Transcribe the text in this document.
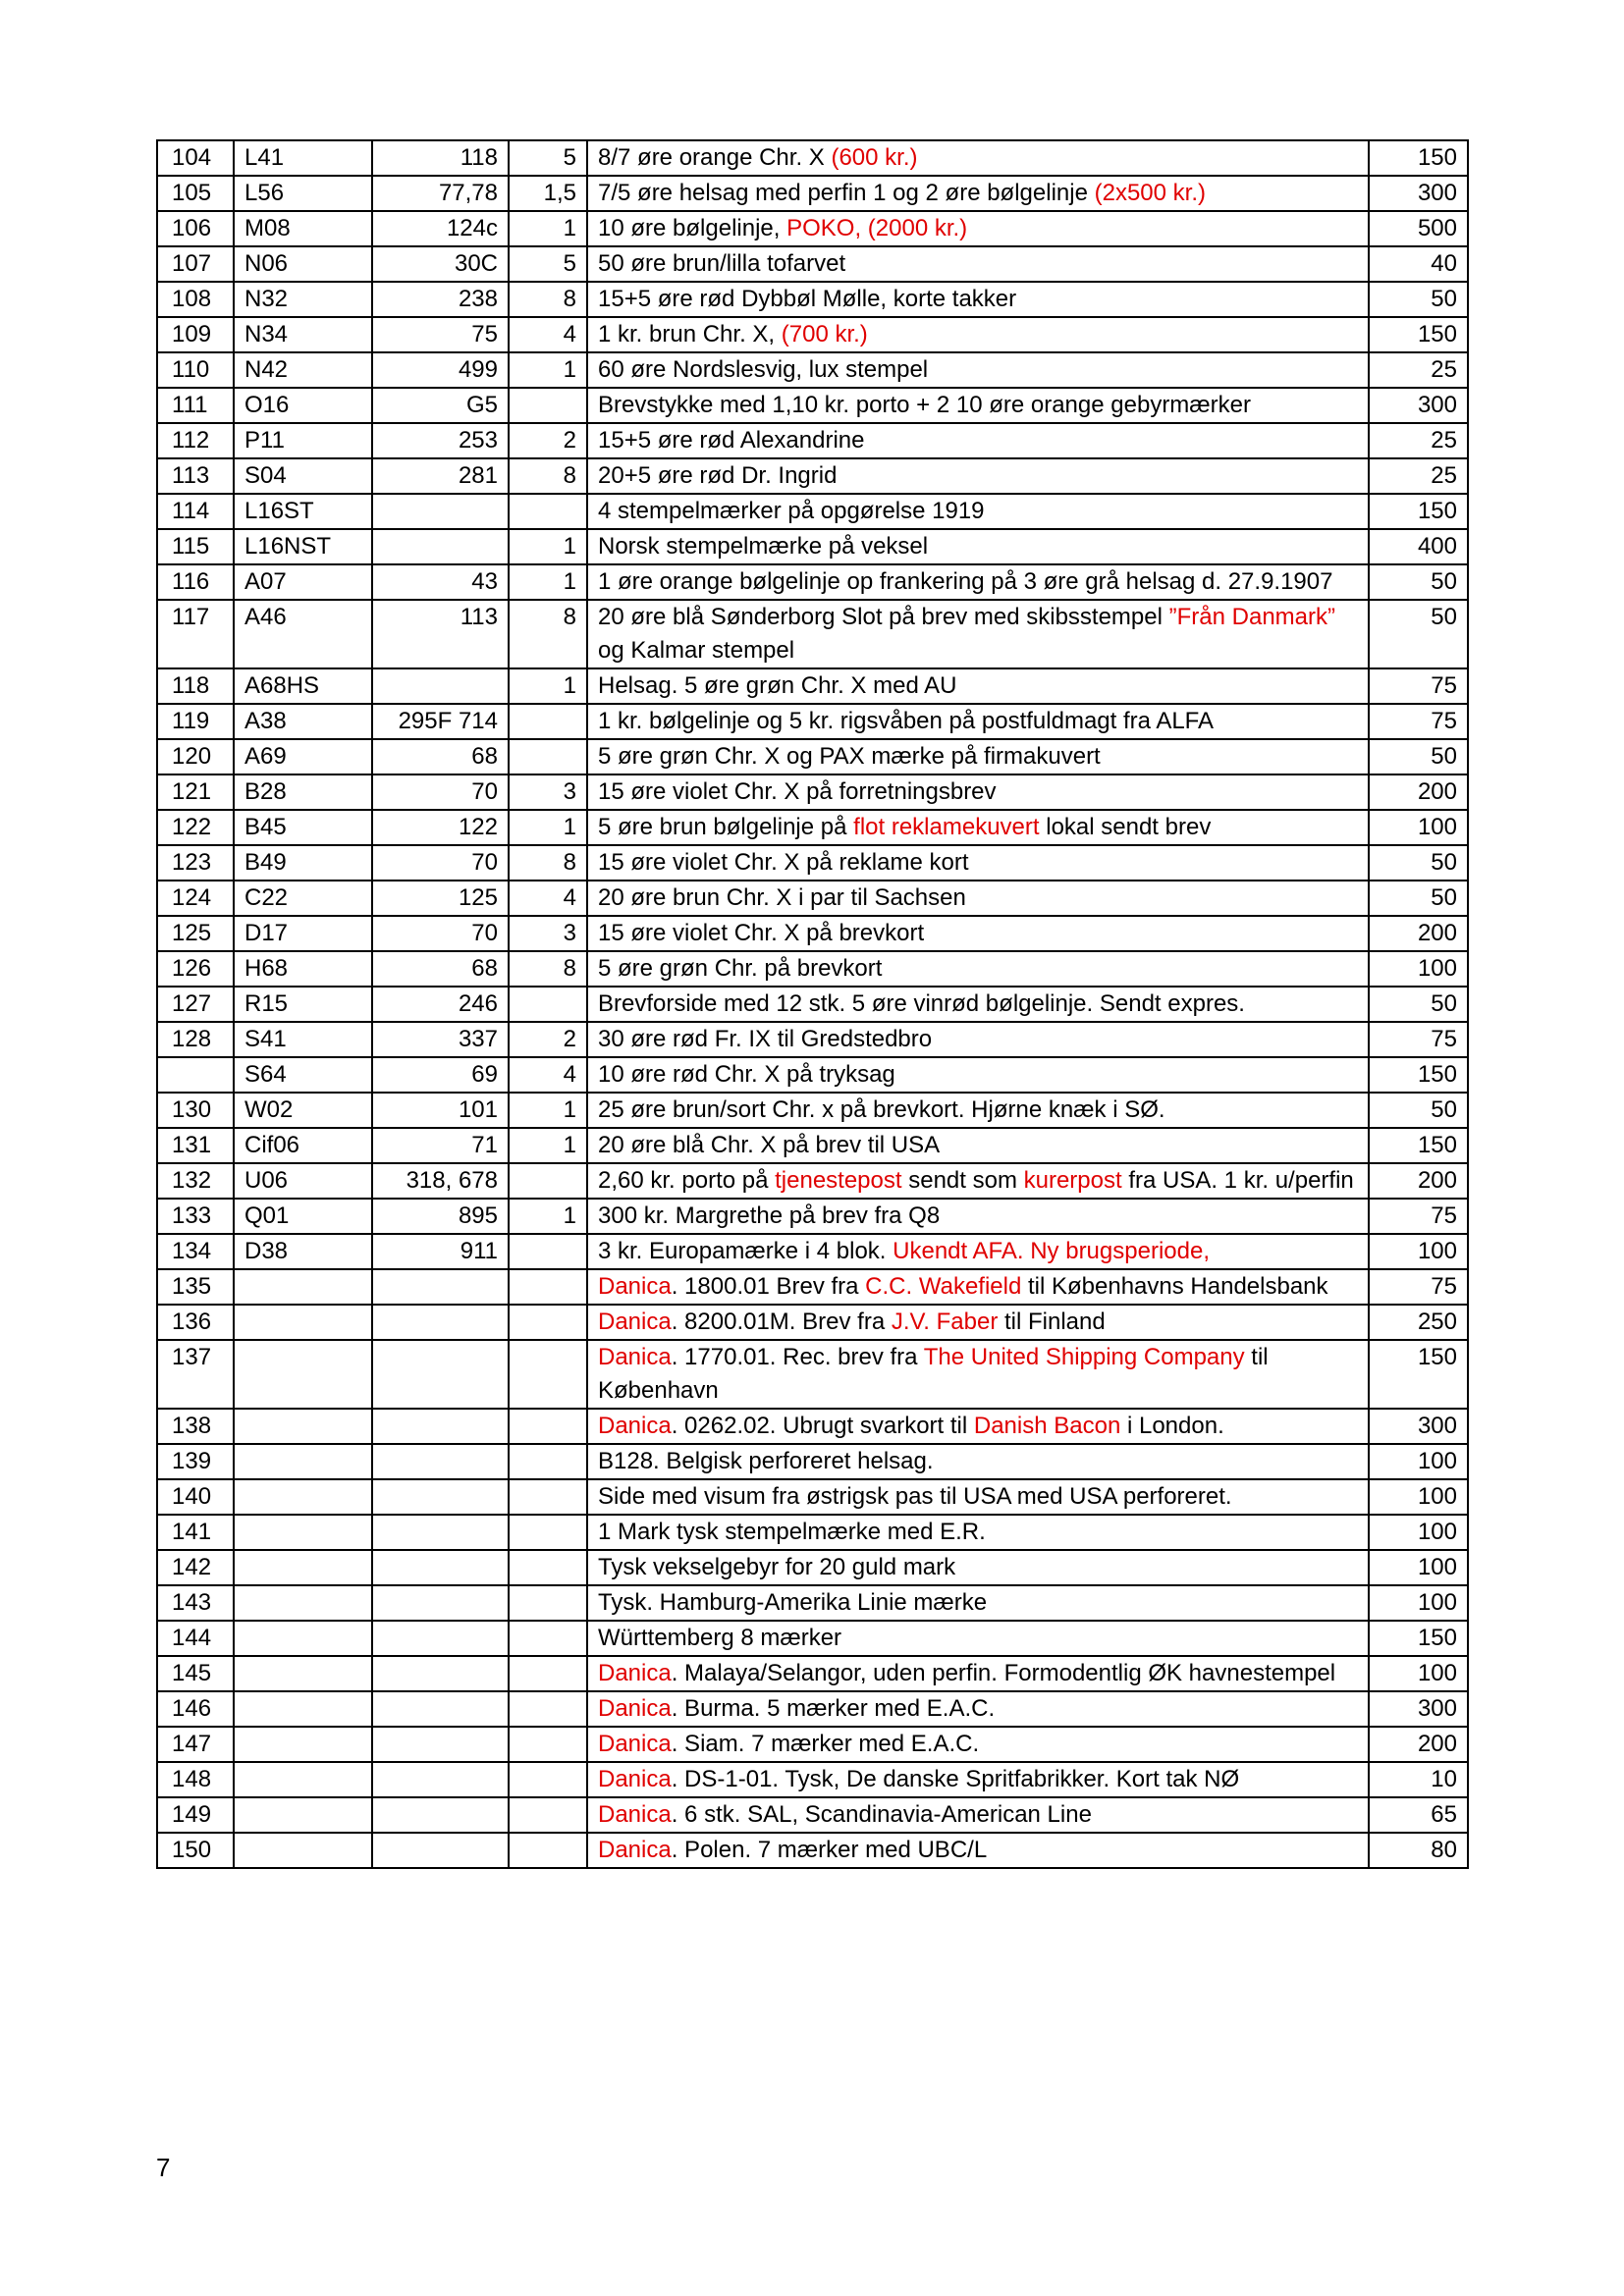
104	L41	118	5	8/7 øre orange Chr. X (600 kr.)	150
105	L56	77,78	1,5	7/5 øre helsag med perfin 1 og 2 øre bølgelinje (2x500 kr.)	300
106	M08	124c	1	10 øre bølgelinje, POKO, (2000 kr.)	500
107	N06	30C	5	50 øre brun/lilla tofarvet	40
108	N32	238	8	15+5 øre rød Dybbøl Mølle, korte takker	50
109	N34	75	4	1 kr. brun Chr. X, (700 kr.)	150
110	N42	499	1	60 øre Nordslesvig, lux stempel	25
111	O16	G5		Brevstykke med 1,10 kr. porto + 2 10 øre orange gebyrmærker	300
112	P11	253	2	15+5 øre rød Alexandrine	25
113	S04	281	8	20+5 øre rød Dr. Ingrid	25
114	L16ST			4 stempelmærker på opgørelse 1919	150
115	L16NST		1	Norsk stempelmærke på veksel	400
116	A07	43	1	1 øre orange bølgelinje op frankering på 3 øre grå helsag d. 27.9.1907	50
117	A46	113	8	20 øre blå Sønderborg Slot på brev med skibsstempel ”Från Danmark” og Kalmar stempel	50
118	A68HS		1	Helsag. 5 øre grøn Chr. X med AU	75
119	A38	295F 714		1 kr. bølgelinje og 5 kr. rigsvåben på postfuldmagt fra ALFA	75
120	A69	68		5 øre grøn Chr. X og PAX mærke på firmakuvert	50
121	B28	70	3	15 øre violet Chr. X på forretningsbrev	200
122	B45	122	1	5 øre brun bølgelinje på flot reklamekuvert lokal sendt brev	100
123	B49	70	8	15 øre violet Chr. X på reklame kort	50
124	C22	125	4	20 øre brun Chr. X i par til Sachsen	50
125	D17	70	3	15 øre violet Chr. X på brevkort	200
126	H68	68	8	5 øre grøn Chr. på brevkort	100
127	R15	246		Brevforside med 12 stk. 5 øre vinrød bølgelinje. Sendt expres.	50
128	S41	337	2	30 øre rød Fr. IX til Gredstedbro	75
	S64	69	4	10 øre rød Chr. X på tryksag	150
130	W02	101	1	25 øre brun/sort Chr. x på brevkort. Hjørne knæk i SØ.	50
131	Cif06	71	1	20 øre blå Chr. X på brev til USA	150
132	U06	318, 678		2,60 kr. porto på tjenestepost sendt som kurerpost fra USA. 1 kr. u/perfin	200
133	Q01	895	1	300 kr. Margrethe på brev fra Q8	75
134	D38	911		3 kr. Europamærke i 4 blok. Ukendt AFA. Ny brugsperiode,	100
135				Danica. 1800.01 Brev fra C.C. Wakefield til Københavns Handelsbank	75
136				Danica. 8200.01M. Brev fra J.V. Faber til Finland	250
137				Danica. 1770.01. Rec. brev fra The United Shipping Company til København	150
138				Danica. 0262.02. Ubrugt svarkort til Danish Bacon i London.	300
139				B128. Belgisk perforeret helsag.	100
140				Side med visum fra østrigsk pas til USA med USA perforeret.	100
141				1 Mark tysk stempelmærke med E.R.	100
142				Tysk vekselgebyr for 20 guld mark	100
143				Tysk. Hamburg-Amerika Linie mærke	100
144				Württemberg 8 mærker	150
145				Danica. Malaya/Selangor, uden perfin. Formodentlig ØK havnestempel	100
146				Danica. Burma. 5 mærker med E.A.C.	300
147				Danica. Siam. 7 mærker med E.A.C.	200
148				Danica. DS-1-01. Tysk, De danske Spritfabrikker. Kort tak NØ	10
149				Danica. 6 stk. SAL, Scandinavia-American Line	65
150				Danica. Polen. 7 mærker med UBC/L	80
7
